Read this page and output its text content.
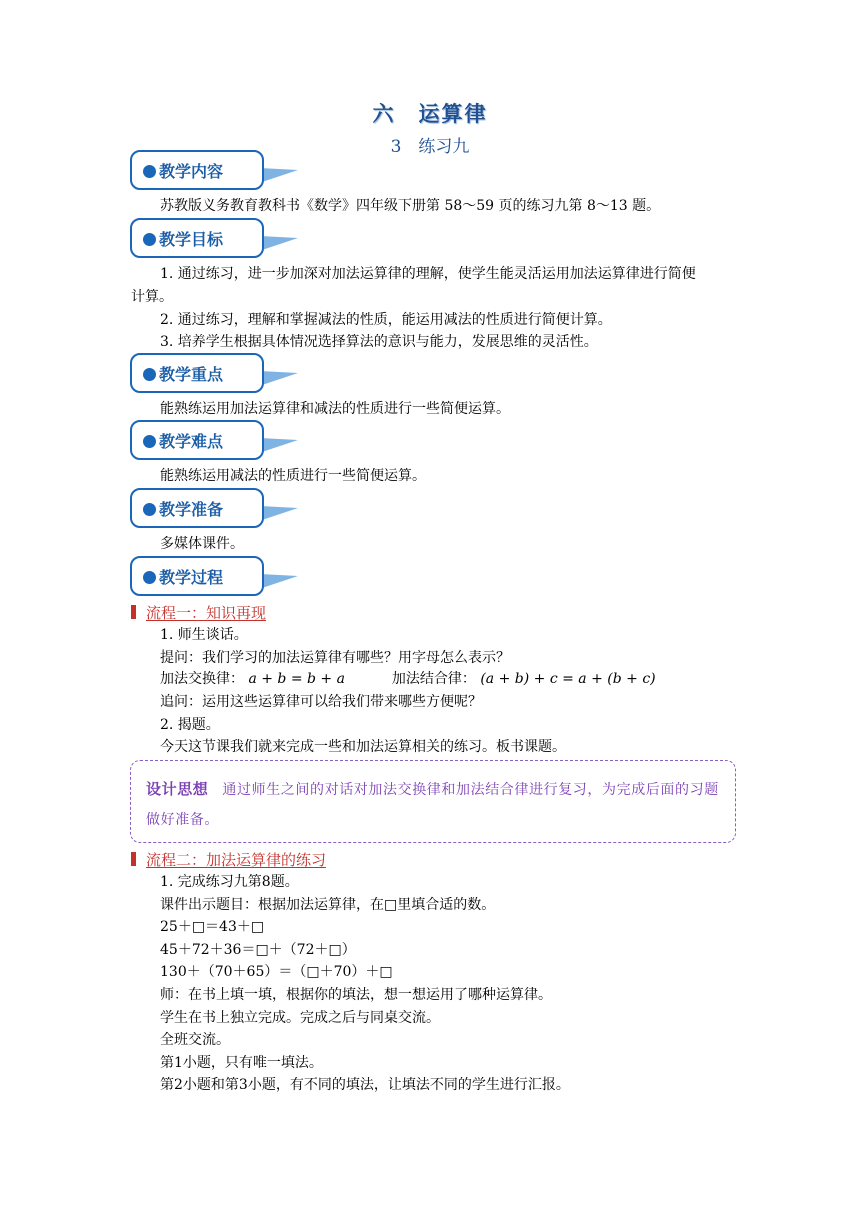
六　运算律
3　练习九
教学内容
苏教版义务教育教科书《数学》四年级下册第 58～59 页的练习九第 8～13 题。
教学目标
1. 通过练习，进一步加深对加法运算律的理解，使学生能灵活运用加法运算律进行简便
计算。
2. 通过练习，理解和掌握减法的性质，能运用减法的性质进行简便计算。
3. 培养学生根据具体情况选择算法的意识与能力，发展思维的灵活性。
教学重点
能熟练运用加法运算律和减法的性质进行一些简便运算。
教学难点
能熟练运用减法的性质进行一些简便运算。
教学准备
多媒体课件。
教学过程
流程一：知识再现
1. 师生谈话。
提问：我们学习的加法运算律有哪些？用字母怎么表示？
加法交换律： a + b = b + a	加法结合律： (a + b) + c = a + (b + c)
追问：运用这些运算律可以给我们带来哪些方便呢？
2. 揭题。
今天这节课我们就来完成一些和加法运算相关的练习。板书课题。
设计思想 通过师生之间的对话对加法交换律和加法结合律进行复习，为完成后面的习题做好准备。
流程二：加法运算律的练习
1. 完成练习九第8题。
课件出示题目：根据加法运算律，在□里填合适的数。
25＋□＝43＋□
45＋72＋36＝□＋（72＋□）
130＋（70＋65）＝（□＋70）＋□
师：在书上填一填，根据你的填法，想一想运用了哪种运算律。
学生在书上独立完成。完成之后与同桌交流。
全班交流。
第1小题，只有唯一填法。
第2小题和第3小题，有不同的填法，让填法不同的学生进行汇报。
